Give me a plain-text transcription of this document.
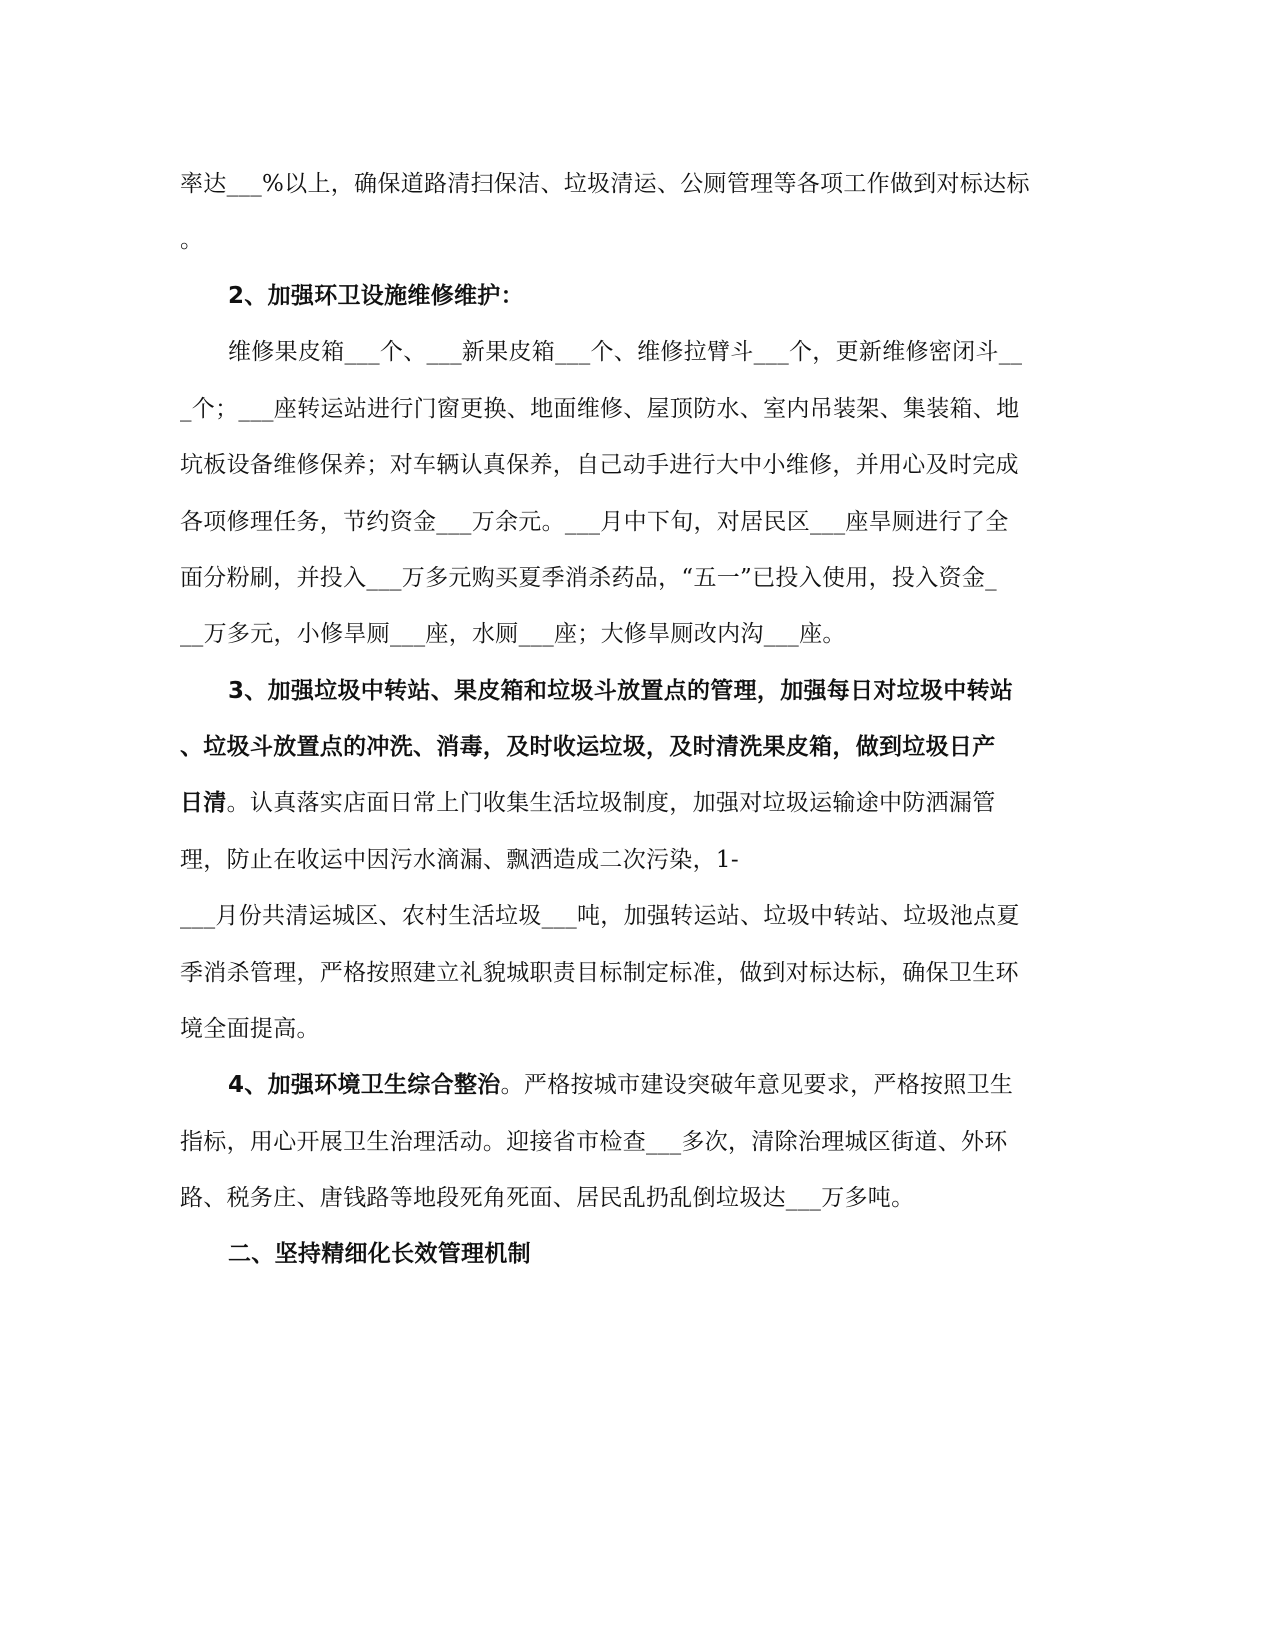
率达___%以上，确保道路清扫保洁、垃圾清运、公厕管理等各项工作做到对标达标
。
2、加强环卫设施维修维护：
维修果皮箱___个、___新果皮箱___个、维修拉臂斗___个，更新维修密闭斗__
_个；___座转运站进行门窗更换、地面维修、屋顶防水、室内吊装架、集装箱、地
坑板设备维修保养；对车辆认真保养，自己动手进行大中小维修，并用心及时完成
各项修理任务，节约资金___万余元。___月中下旬，对居民区___座旱厕进行了全
面分粉刷，并投入___万多元购买夏季消杀药品，“五一”已投入使用，投入资金_
__万多元，小修旱厕___座，水厕___座；大修旱厕改内沟___座。
3、加强垃圾中转站、果皮箱和垃圾斗放置点的管理，加强每日对垃圾中转站
、垃圾斗放置点的冲洗、消毒，及时收运垃圾，及时清洗果皮箱，做到垃圾日产
日清。认真落实店面日常上门收集生活垃圾制度，加强对垃圾运输途中防洒漏管
理，防止在收运中因污水滴漏、飘洒造成二次污染，1-
___月份共清运城区、农村生活垃圾___吨，加强转运站、垃圾中转站、垃圾池点夏
季消杀管理，严格按照建立礼貌城职责目标制定标准，做到对标达标，确保卫生环
境全面提高。
4、加强环境卫生综合整治。严格按城市建设突破年意见要求，严格按照卫生
指标，用心开展卫生治理活动。迎接省市检查___多次，清除治理城区街道、外环
路、税务庄、唐钱路等地段死角死面、居民乱扔乱倒垃圾达___万多吨。
二、坚持精细化长效管理机制
